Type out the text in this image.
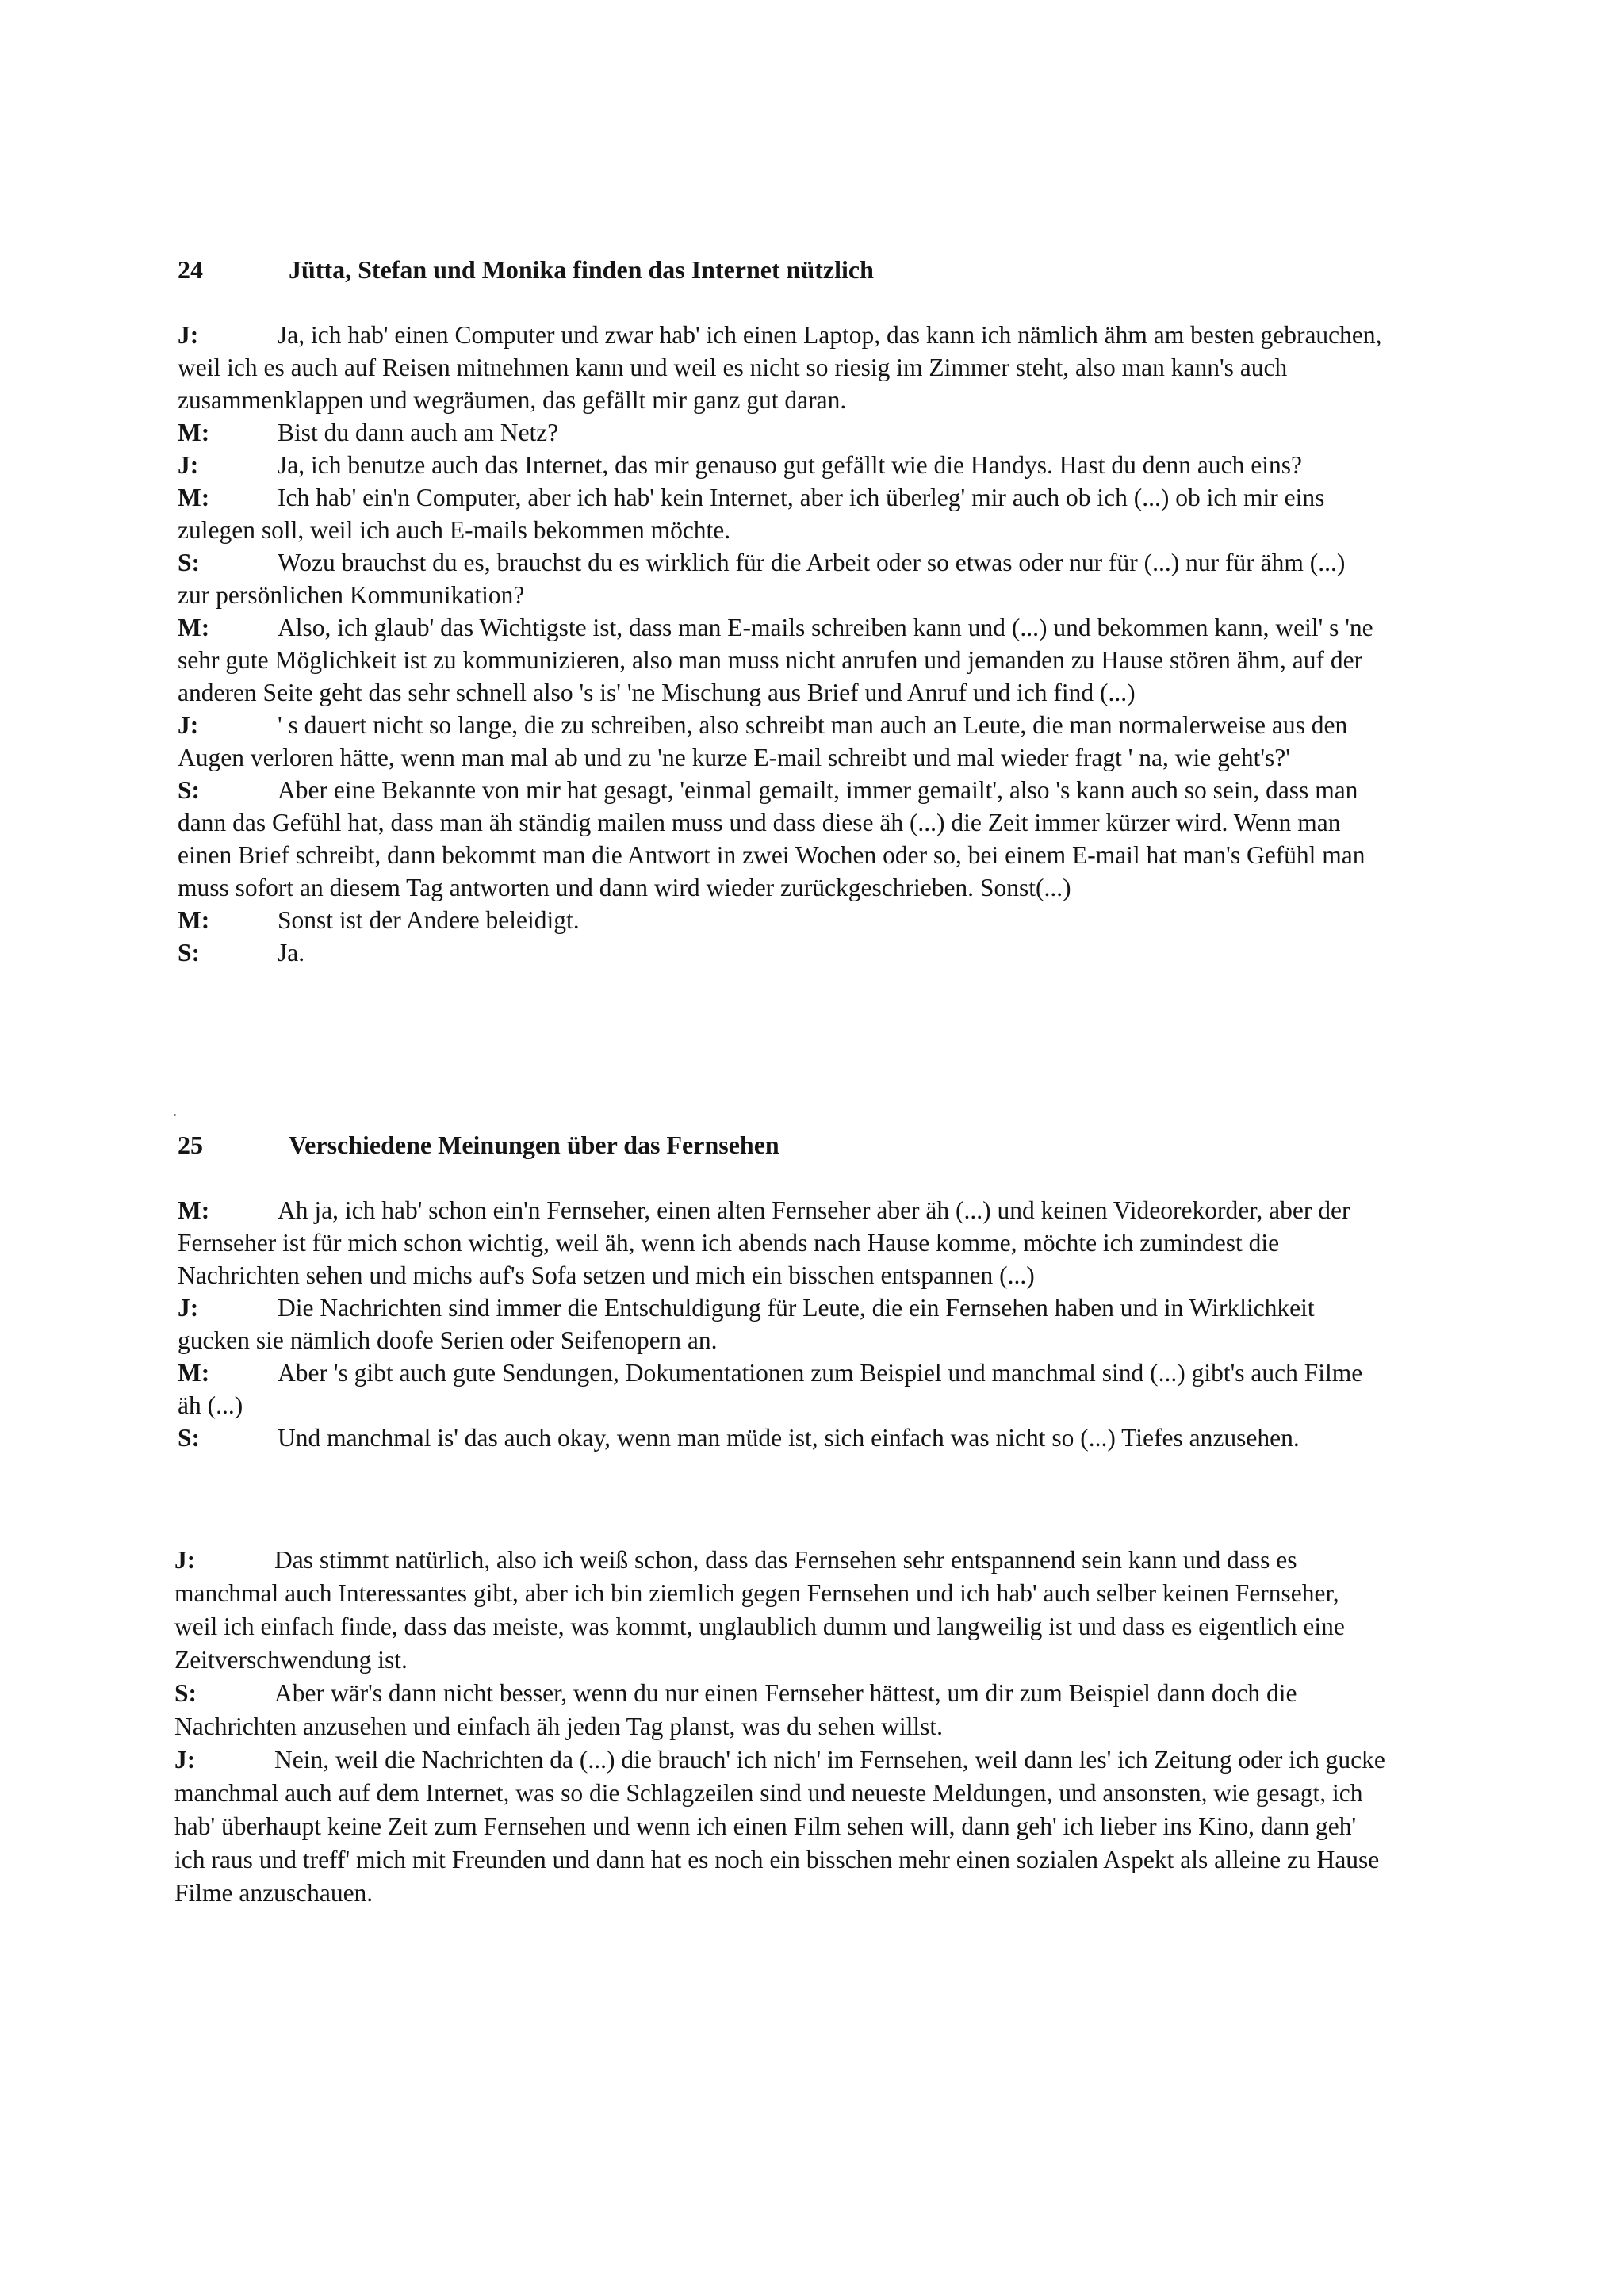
24	Jütta, Stefan und Monika finden das Internet nützlich
J:	Ja, ich hab' einen Computer und zwar hab' ich einen Laptop, das kann ich nämlich ähm am besten gebrauchen, weil ich es auch auf Reisen mitnehmen kann und weil es nicht so riesig im Zimmer steht, also man kann's auch zusammenklappen und wegräumen, das gefällt mir ganz gut daran.
M:	Bist du dann auch am Netz?
J:	Ja, ich benutze auch das Internet, das mir genauso gut gefällt wie die Handys. Hast du denn auch eins?
M:	Ich hab' ein'n Computer, aber ich hab' kein Internet, aber ich überleg' mir auch ob ich (...) ob ich mir eins zulegen soll, weil ich auch E-mails bekommen möchte.
S:	Wozu brauchst du es, brauchst du es wirklich für die Arbeit oder so etwas oder nur für (...) nur für ähm (...) zur persönlichen Kommunikation?
M:	Also, ich glaub' das Wichtigste ist, dass man E-mails schreiben kann und (...) und bekommen kann, weil' s 'ne sehr gute Möglichkeit ist zu kommunizieren, also man muss nicht anrufen und jemanden zu Hause stören ähm, auf der anderen Seite geht das sehr schnell also 's is' 'ne Mischung aus Brief und Anruf und ich find (...)
J:	' s dauert nicht so lange, die zu schreiben, also schreibt man auch an Leute, die man normalerweise aus den Augen verloren hätte, wenn man mal ab und zu 'ne kurze E-mail schreibt und mal wieder fragt ' na, wie geht's?'
S:	Aber eine Bekannte von mir hat gesagt, 'einmal gemailt, immer gemailt', also 's kann auch so sein, dass man dann das Gefühl hat, dass man äh ständig mailen muss und dass diese äh (...) die Zeit immer kürzer wird. Wenn man einen Brief schreibt, dann bekommt man die Antwort in zwei Wochen oder so, bei einem E-mail hat man's Gefühl man muss sofort an diesem Tag antworten und dann wird wieder zurückgeschrieben. Sonst(...)
M:	Sonst ist der Andere beleidigt.
S:	Ja.
25	Verschiedene Meinungen über das Fernsehen
M:	Ah ja, ich hab' schon ein'n Fernseher, einen alten Fernseher aber äh (...) und keinen Videorekorder, aber der Fernseher ist für mich schon wichtig, weil äh, wenn ich abends nach Hause komme, möchte ich zumindest die Nachrichten sehen und michs auf's Sofa setzen und mich ein bisschen entspannen (...)
J:	Die Nachrichten sind immer die Entschuldigung für Leute, die ein Fernsehen haben und in Wirklichkeit gucken sie nämlich doofe Serien oder Seifenopern an.
M:	Aber 's gibt auch gute Sendungen, Dokumentationen zum Beispiel und manchmal sind (...) gibt's auch Filme äh (...)
S:	Und manchmal is' das auch okay, wenn man müde ist, sich einfach was nicht so (...) Tiefes anzusehen.
J:	Das stimmt natürlich, also ich weiß schon, dass das Fernsehen sehr entspannend sein kann und dass es manchmal auch Interessantes gibt, aber ich bin ziemlich gegen Fernsehen und ich hab' auch selber keinen Fernseher, weil ich einfach finde, dass das meiste, was kommt, unglaublich dumm und langweilig ist und dass es eigentlich eine Zeitverschwendung ist.
S:	Aber wär's dann nicht besser, wenn du nur einen Fernseher hättest, um dir zum Beispiel dann doch die Nachrichten anzusehen und einfach äh jeden Tag planst, was du sehen willst.
J:	Nein, weil die Nachrichten da (...) die brauch' ich nich' im Fernsehen, weil dann les' ich Zeitung oder ich gucke manchmal auch auf dem Internet, was so die Schlagzeilen sind und neueste Meldungen, und ansonsten, wie gesagt, ich hab' überhaupt keine Zeit zum Fernsehen und wenn ich einen Film sehen will, dann geh' ich lieber ins Kino, dann geh' ich raus und treff' mich mit Freunden und dann hat es noch ein bisschen mehr einen sozialen Aspekt als alleine zu Hause Filme anzuschauen.
